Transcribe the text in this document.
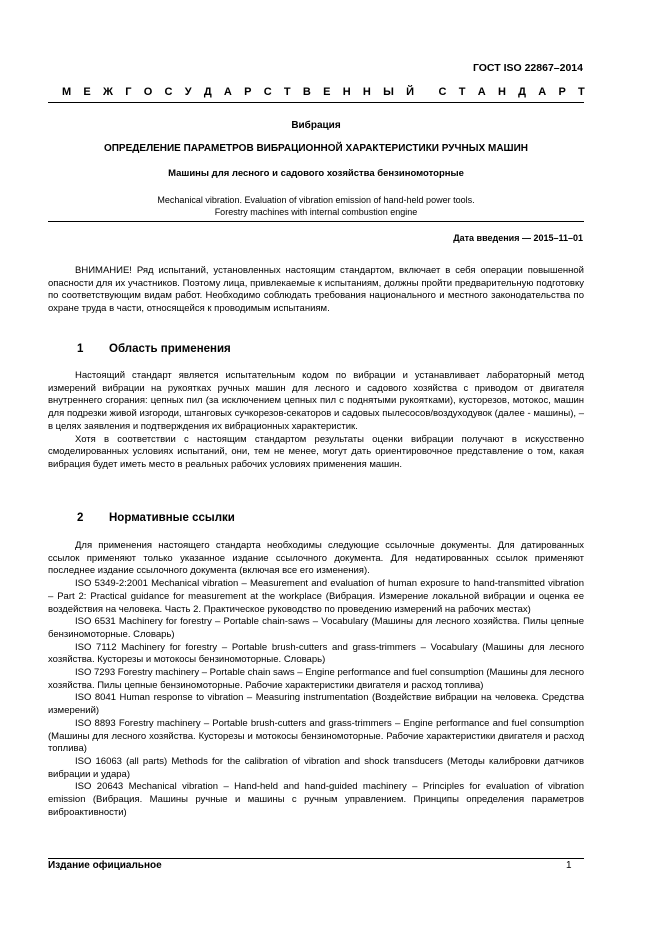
ГОСТ ISO 22867–2014
М Е Ж Г О С У Д А Р С Т В Е Н Н Ы Й С Т А Н Д А Р Т
Вибрация
ОПРЕДЕЛЕНИЕ ПАРАМЕТРОВ ВИБРАЦИОННОЙ ХАРАКТЕРИСТИКИ РУЧНЫХ МАШИН
Машины для лесного и садового хозяйства бензиномоторные
Mechanical vibration. Evaluation of vibration emission of hand-held power tools.
Forestry machines with internal combustion engine
Дата введения — 2015–11–01

ВНИМАНИЕ! Ряд испытаний, установленных настоящим стандартом, включает в себя операции повышенной опасности для их участников. Поэтому лица, привлекаемые к испытаниям, должны пройти предварительную подготовку по соответствующим видам работ. Необходимо соблюдать требования национального и местного законодательства по охране труда в части, относящейся к проводимым испытаниям.

1 Область применения

Настоящий стандарт является испытательным кодом по вибрации и устанавливает лабораторный метод измерений вибрации на рукоятках ручных машин для лесного и садового хозяйства с приводом от двигателя внутреннего сгорания: цепных пил (за исключением цепных пил с поднятыми рукоятками), кусторезов, мотокос, машин для подрезки живой изгороди, штанговых сучкорезов-секаторов и садовых пылесосов/воздуходувок (далее - машины), – в целях заявления и подтверждения их вибрационных характеристик.

Хотя в соответствии с настоящим стандартом результаты оценки вибрации получают в искусственно смоделированных условиях испытаний, они, тем не менее, могут дать ориентировочное представление о том, какая вибрация будет иметь место в реальных рабочих условиях применения машин.

2 Нормативные ссылки

Для применения настоящего стандарта необходимы следующие ссылочные документы. Для датированных ссылок применяют только указанное издание ссылочного документа. Для недатированных ссылок применяют последнее издание ссылочного документа (включая все его изменения).

ISO 5349-2:2001 Mechanical vibration – Measurement and evaluation of human exposure to hand-transmitted vibration – Part 2: Practical guidance for measurement at the workplace (Вибрация. Измерение локальной вибрации и оценка ее воздействия на человека. Часть 2. Практическое руководство по проведению измерений на рабочих местах)

ISO 6531 Machinery for forestry – Portable chain-saws – Vocabulary (Машины для лесного хозяйства. Пилы цепные бензиномоторные. Словарь)

ISO 7112 Machinery for forestry – Portable brush-cutters and grass-trimmers – Vocabulary (Машины для лесного хозяйства. Кусторезы и мотокосы бензиномоторные. Словарь)

ISO 7293 Forestry machinery – Portable chain saws – Engine performance and fuel consumption (Машины для лесного хозяйства. Пилы цепные бензиномоторные. Рабочие характеристики двигателя и расход топлива)

ISO 8041 Human response to vibration – Measuring instrumentation (Воздействие вибрации на человека. Средства измерений)

ISO 8893 Forestry machinery – Portable brush-cutters and grass-trimmers – Engine performance and fuel consumption (Машины для лесного хозяйства. Кусторезы и мотокосы бензиномоторные. Рабочие характеристики двигателя и расход топлива)

ISO 16063 (all parts) Methods for the calibration of vibration and shock transducers (Методы калибровки датчиков вибрации и удара)

ISO 20643 Mechanical vibration – Hand-held and hand-guided machinery – Principles for evaluation of vibration emission (Вибрация. Машины ручные и машины с ручным управлением. Принципы определения параметров виброактивности)

Издание официальное	1
